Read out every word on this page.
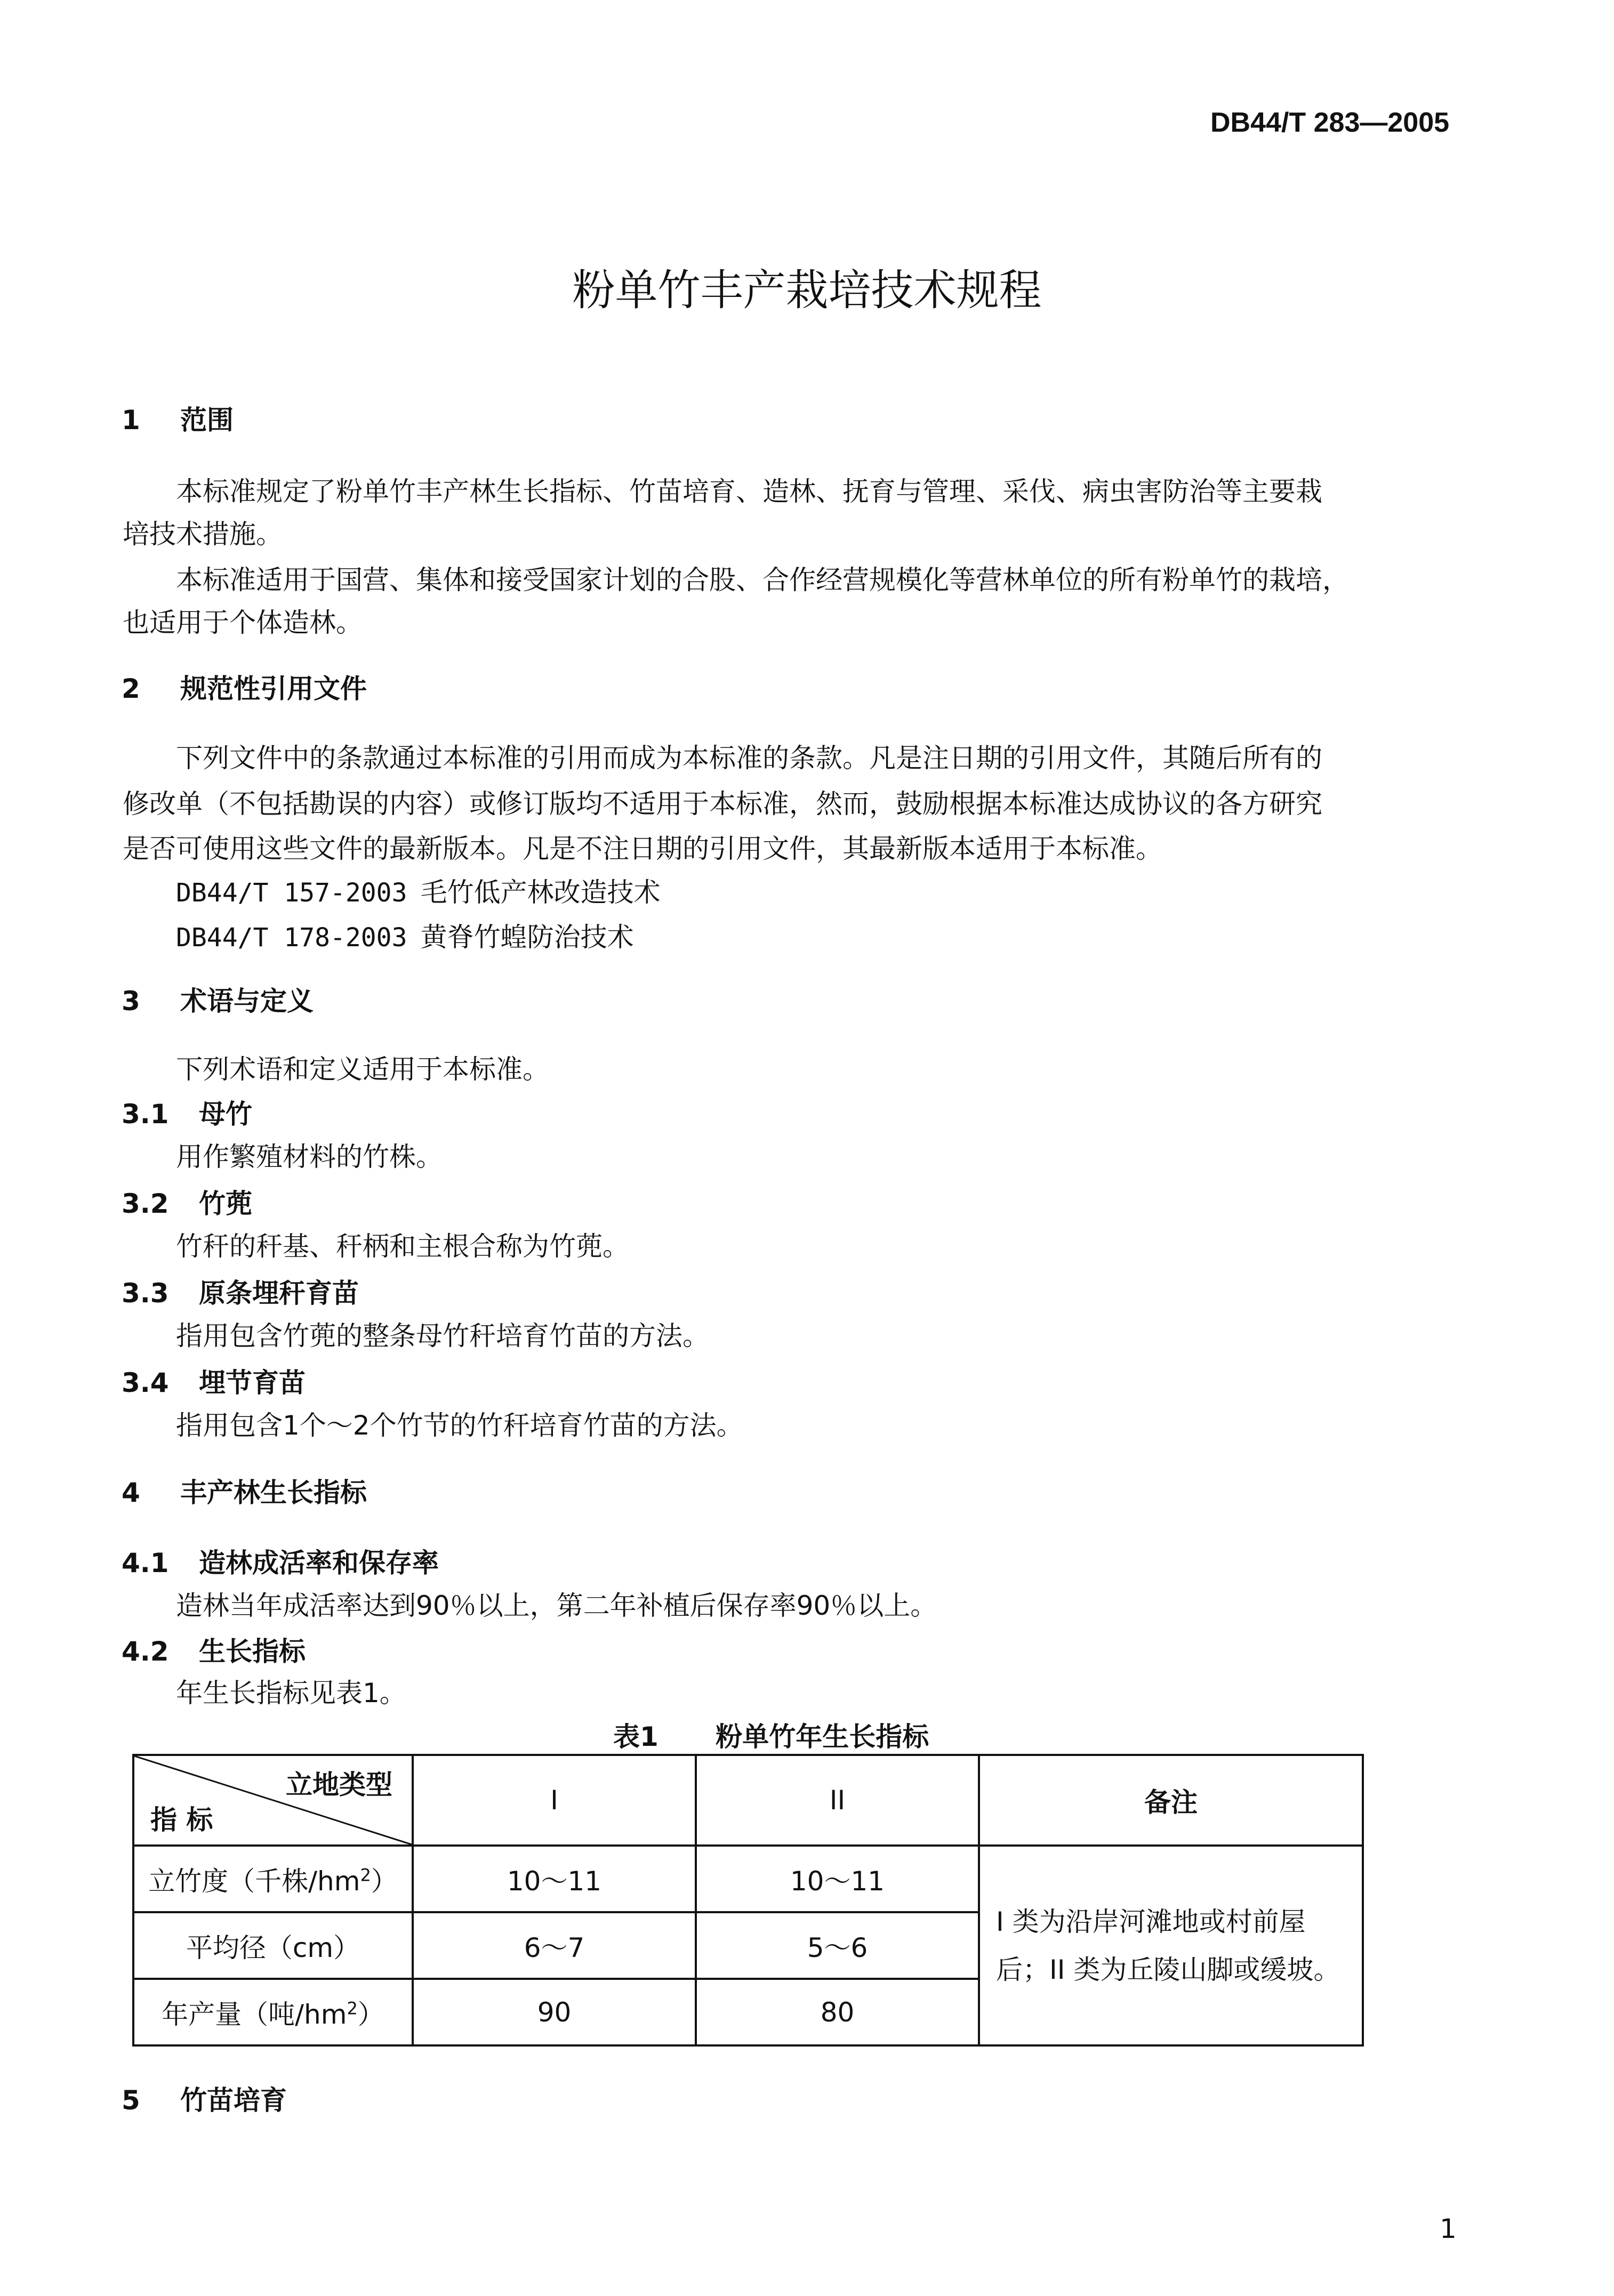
DB44/T 283—2005
粉单竹丰产栽培技术规程
1 范围
本标准规定了粉单竹丰产林生长指标、竹苗培育、造林、抚育与管理、采伐、病虫害防治等主要栽
培技术措施。
本标准适用于国营、集体和接受国家计划的合股、合作经营规模化等营林单位的所有粉单竹的栽培，
也适用于个体造林。
2 规范性引用文件
下列文件中的条款通过本标准的引用而成为本标准的条款。凡是注日期的引用文件，其随后所有的
修改单（不包括勘误的内容）或修订版均不适用于本标准，然而，鼓励根据本标准达成协议的各方研究
是否可使用这些文件的最新版本。凡是不注日期的引用文件，其最新版本适用于本标准。
DB44/T 157-2003 毛竹低产林改造技术
DB44/T 178-2003 黄脊竹蝗防治技术
3 术语与定义
下列术语和定义适用于本标准。
3.1 母竹
用作繁殖材料的竹株。
3.2 竹蔸
竹秆的秆基、秆柄和主根合称为竹蔸。
3.3 原条埋秆育苗
指用包含竹蔸的整条母竹秆培育竹苗的方法。
3.4 埋节育苗
指用包含1个～2个竹节的竹秆培育竹苗的方法。
4 丰产林生长指标
4.1 造林成活率和保存率
造林当年成活率达到90％以上，第二年补植后保存率90％以上。
4.2 生长指标
年生长指标见表1。
表1 粉单竹年生长指标
立地类型
指 标	I	II	备注
立竹度（千株$/hm^2$）	10～11	10～11	I 类为沿岸河滩地或村前屋
后；II 类为丘陵山脚或缓坡。

平均径（cm）	6～7	5～6	
年产量（吨$/hm^2$）	90	80	
5 竹苗培育
1
